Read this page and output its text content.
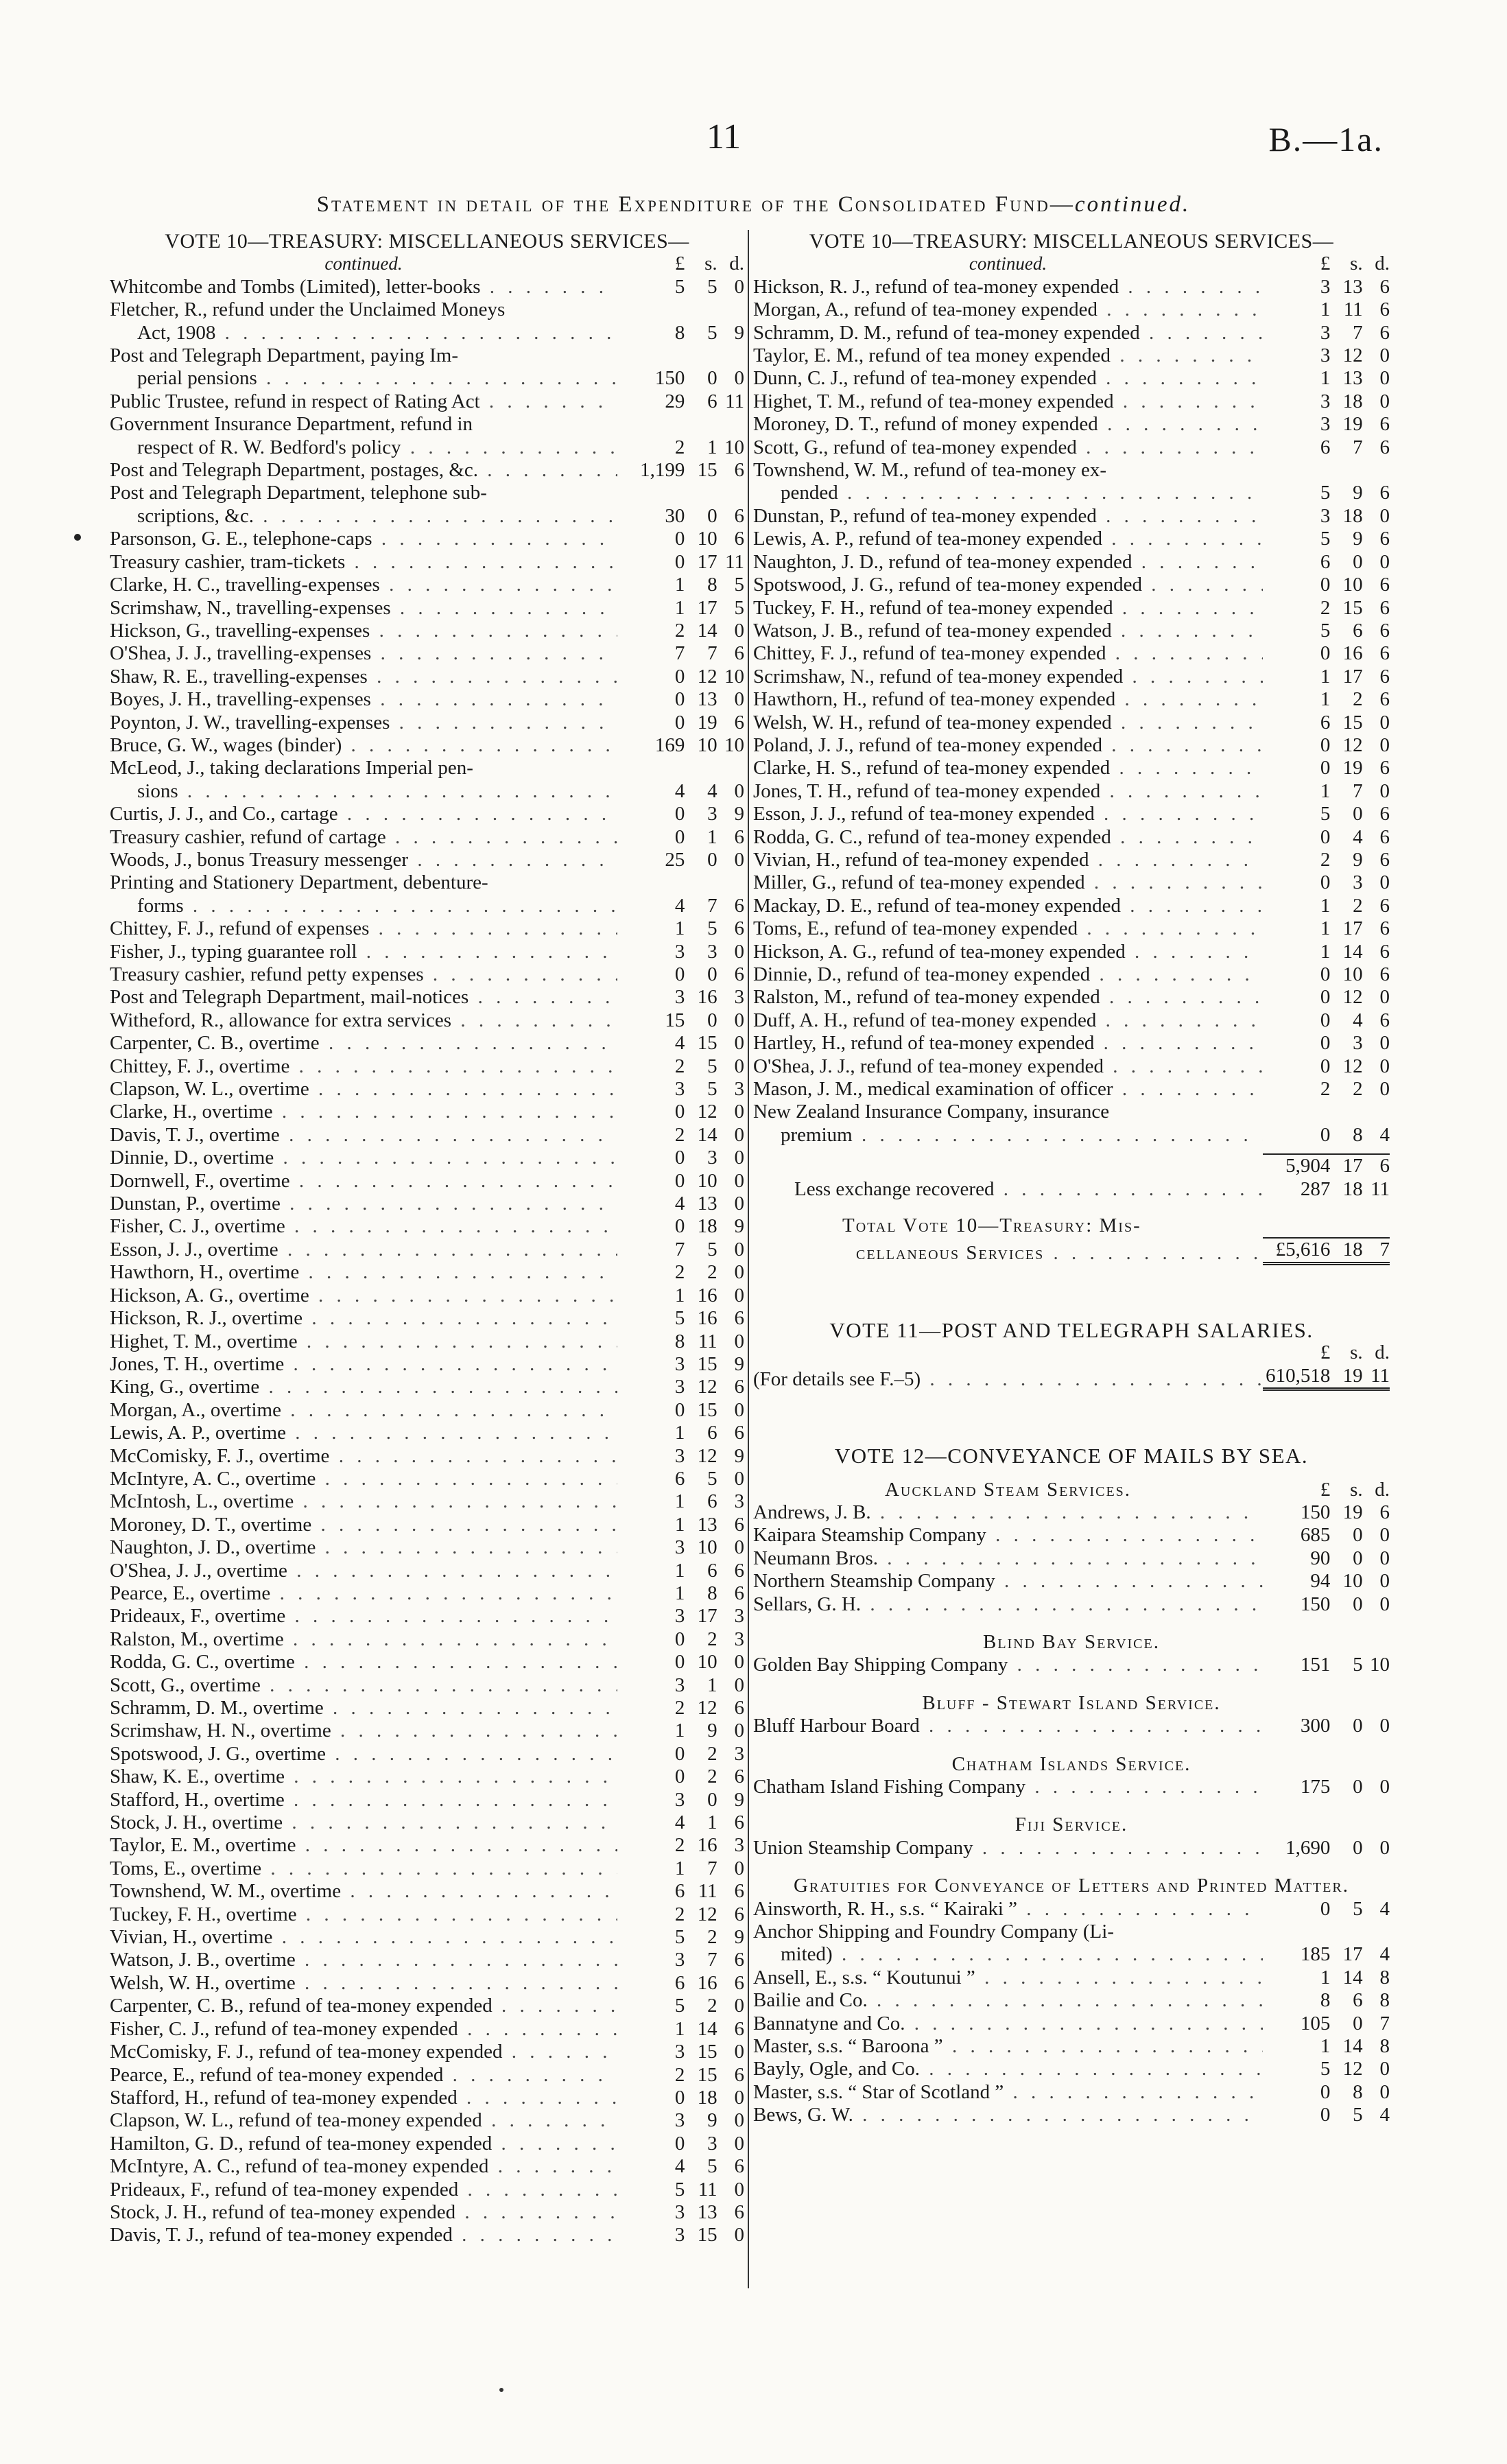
11	B.—1a.
Statement in detail of the Expenditure of the Consolidated Fund—continued.
VOTE 10—TREASURY: MISCELLANEOUS SERVICES—
continued.	£ s. d.
Whitcombe and Tombs (Limited), letter-books . . .	5	5 0
Fletcher, R., refund under the Unclaimed Moneys
Act, 1908 . . .	8	5 9
Post and Telegraph Department, paying Im-
perial pensions . . .	150	0 0
Public Trustee, refund in respect of Rating Act . . .	29	6 11
Government Insurance Department, refund in
respect of R. W. Bedford's policy . . .	2	1 10
Post and Telegraph Department, postages, &c. . . .	1,199 15 6
Post and Telegraph Department, telephone sub-
scriptions, &c. . . .	30	0 6
Parsonson, G. E., telephone-caps . . .	0 10 6
Treasury cashier, tram-tickets . . .	0 17 11
Clarke, H. C., travelling-expenses . . .	1	8 5
Scrimshaw, N., travelling-expenses . . .	1 17 5
Hickson, G., travelling-expenses . . .	2 14 0
O'Shea, J. J., travelling-expenses . . .	7	7 6
Shaw, R. E., travelling-expenses . . .	0 12 10
Boyes, J. H., travelling-expenses . . .	0 13 0
Poynton, J. W., travelling-expenses . . .	0 19 6
Bruce, G. W., wages (binder) . . .	169 10 10
McLeod, J., taking declarations Imperial pen-
sions . . .	4	4 0
Curtis, J. J., and Co., cartage . . .	0	3 9
Treasury cashier, refund of cartage . . .	0	1 6
Woods, J., bonus Treasury messenger . . .	25	0 0
Printing and Stationery Department, debenture-
forms . . .	4	7 6
Chittey, F. J., refund of expenses . . .	1	5 6
Fisher, J., typing guarantee roll . . .	3	3 0
Treasury cashier, refund petty expenses . . .	0	0 6
Post and Telegraph Department, mail-notices . . .	3 16 3
Witheford, R., allowance for extra services . . .	15	0 0
Carpenter, C. B., overtime . . .	4 15 0
Chittey, F. J., overtime . . .	2	5 0
Clapson, W. L., overtime . . .	3	5 3
Clarke, H., overtime . . .	0 12 0
Davis, T. J., overtime . . .	2 14 0
Dinnie, D., overtime . . .	0	3 0
Dornwell, F., overtime . . .	0 10 0
Dunstan, P., overtime . . .	4 13 0
Fisher, C. J., overtime . . .	0 18 9
Esson, J. J., overtime . . .	7	5 0
Hawthorn, H., overtime . . .	2	2 0
Hickson, A. G., overtime . . .	1 16 0
Hickson, R. J., overtime . . .	5 16 6
Highet, T. M., overtime . . .	8 11 0
Jones, T. H., overtime . . .	3 15 9
King, G., overtime . . .	3 12 6
Morgan, A., overtime . . .	0 15 0
Lewis, A. P., overtime . . .	1	6 6
McComisky, F. J., overtime . . .	3 12 9
McIntyre, A. C., overtime . . .	6	5 0
McIntosh, L., overtime . . .	1	6 3
Moroney, D. T., overtime . . .	1 13 6
Naughton, J. D., overtime . . .	3 10 0
O'Shea, J. J., overtime . . .	1	6 6
Pearce, E., overtime . . .	1	8 6
Prideaux, F., overtime . . .	3 17 3
Ralston, M., overtime . . .	0	2 3
Rodda, G. C., overtime . . .	0 10 0
Scott, G., overtime . . .	3	1 0
Schramm, D. M., overtime . . .	2 12 6
Scrimshaw, H. N., overtime . . .	1	9 0
Spotswood, J. G., overtime . . .	0	2 3
Shaw, K. E., overtime . . .	0	2 6
Stafford, H., overtime . . .	3	0 9
Stock, J. H., overtime . . .	4	1 6
Taylor, E. M., overtime . . .	2 16 3
Toms, E., overtime . . .	1	7 0
Townshend, W. M., overtime . . .	6 11 6
Tuckey, F. H., overtime . . .	2 12 6
Vivian, H., overtime . . .	5	2 9
Watson, J. B., overtime . . .	3	7 6
Welsh, W. H., overtime . . .	6 16 6
Carpenter, C. B., refund of tea-money expended . . .	5	2 0
Fisher, C. J., refund of tea-money expended . . .	1 14 6
McComisky, F. J., refund of tea-money expended . . .	3 15 0
Pearce, E., refund of tea-money expended . . .	2 15 6
Stafford, H., refund of tea-money expended . . .	0 18 0
Clapson, W. L., refund of tea-money expended . . .	3	9 0
Hamilton, G. D., refund of tea-money expended . . .	0	3 0
McIntyre, A. C., refund of tea-money expended . . .	4	5 6
Prideaux, F., refund of tea-money expended . . .	5 11 0
Stock, J. H., refund of tea-money expended . . .	3 13 6
Davis, T. J., refund of tea-money expended . . .	3 15 0
VOTE 10—TREASURY: MISCELLANEOUS SERVICES—
continued.	£ s. d.
Hickson, R. J., refund of tea-money expended . . .	3 13 6
Morgan, A., refund of tea-money expended . . .	1 11 6
Schramm, D. M., refund of tea-money expended . . .	3	7 6
Taylor, E. M., refund of tea money expended . . .	3 12 0
Dunn, C. J., refund of tea-money expended . . .	1 13 0
Highet, T. M., refund of tea-money expended . . .	3 18 0
Moroney, D. T., refund of money expended . . .	3 19 6
Scott, G., refund of tea-money expended . . .	6	7 6
Townshend, W. M., refund of tea-money ex-
pended . . .	5	9 6
Dunstan, P., refund of tea-money expended . . .	3 18 0
Lewis, A. P., refund of tea-money expended . . .	5	9 6
Naughton, J. D., refund of tea-money expended . . .	6	0 0
Spotswood, J. G., refund of tea-money expended . . .	0 10 6
Tuckey, F. H., refund of tea-money expended . . .	2 15 6
Watson, J. B., refund of tea-money expended . . .	5	6 6
Chittey, F. J., refund of tea-money expended . . .	0 16 6
Scrimshaw, N., refund of tea-money expended . . .	1 17 6
Hawthorn, H., refund of tea-money expended . . .	1	2 6
Welsh, W. H., refund of tea-money expended . . .	6 15 0
Poland, J. J., refund of tea-money expended . . .	0 12 0
Clarke, H. S., refund of tea-money expended . . .	0 19 6
Jones, T. H., refund of tea-money expended . . .	1	7 0
Esson, J. J., refund of tea-money expended . . .	5	0 6
Rodda, G. C., refund of tea-money expended . . .	0	4 6
Vivian, H., refund of tea-money expended . . .	2	9 6
Miller, G., refund of tea-money expended . . .	0	3 0
Mackay, D. E., refund of tea-money expended . . .	1	2 6
Toms, E., refund of tea-money expended . . .	1 17 6
Hickson, A. G., refund of tea-money expended . . .	1 14 6
Dinnie, D., refund of tea-money expended . . .	0 10 6
Ralston, M., refund of tea-money expended . . .	0 12 0
Duff, A. H., refund of tea-money expended . . .	0	4 6
Hartley, H., refund of tea-money expended . . .	0	3 0
O'Shea, J. J., refund of tea-money expended . . .	0 12 0
Mason, J. M., medical examination of officer . . .	2	2 0
New Zealand Insurance Company, insurance
premium . . .	0	8 4
5,904 17 6
Less exchange recovered . . .	287 18 11
Total Vote 10—Treasury: Mis-
cellaneous Services . . .	£5,616 18 7
VOTE 11—POST AND TELEGRAPH SALARIES.
£ s. d.
(For details see F.–5) . . .	610,518 19 11
VOTE 12—CONVEYANCE OF MAILS BY SEA.
Auckland Steam Services.	£ s. d.
Andrews, J. B. . . .	150 19 6
Kaipara Steamship Company . . .	685	0 0
Neumann Bros. . . .	90	0 0
Northern Steamship Company . . .	94 10 0
Sellars, G. H. . . .	150	0 0
Blind Bay Service.
Golden Bay Shipping Company . . .	151	5 10
Bluff - Stewart Island Service.
Bluff Harbour Board . . .	300	0 0
Chatham Islands Service.
Chatham Island Fishing Company . . .	175	0 0
Fiji Service.
Union Steamship Company . . .	1,690	0 0
Gratuities for Conveyance of Letters and Printed Matter.
Ainsworth, R. H., s.s. “ Kairaki ” . . .	0	5 4
Anchor Shipping and Foundry Company (Li-
mited) . . .	185 17 4
Ansell, E., s.s. “ Koutunui ” . . .	1 14 8
Bailie and Co. . . .	8	6 8
Bannatyne and Co. . . .	105	0 7
Master, s.s. “ Baroona ” . . .	1 14 8
Bayly, Ogle, and Co. . . .	5 12 0
Master, s.s. “ Star of Scotland ” . . .	0	8 0
Bews, G. W. . . .	0	5 4
